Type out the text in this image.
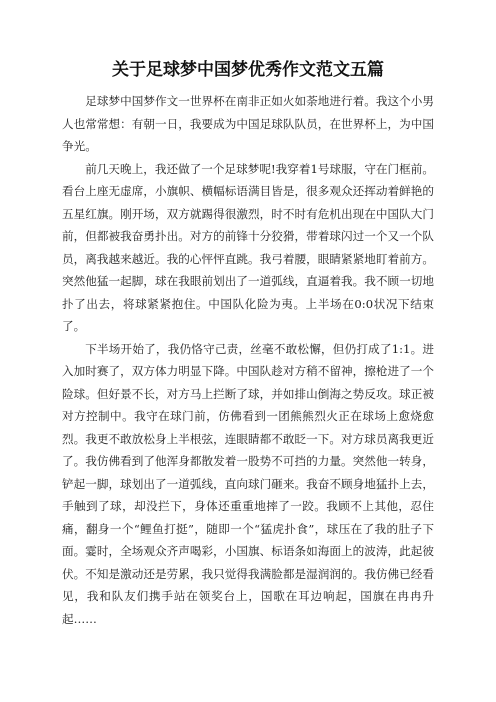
关于足球梦中国梦优秀作文范文五篇

足球梦中国梦作文一世界杯在南非正如火如荼地进行着。我这个小男人也常常想：有朝一日，我要成为中国足球队队员，在世界杯上，为中国争光。

前几天晚上，我还做了一个足球梦呢!我穿着1号球服，守在门框前。看台上座无虚席，小旗帜、横幅标语满目皆是，很多观众还挥动着鲜艳的五星红旗。刚开场，双方就踢得很激烈，时不时有危机出现在中国队大门前，但都被我奋勇扑出。对方的前锋十分狡猾，带着球闪过一个又一个队员，离我越来越近。我的心怦怦直跳。我弓着腰，眼睛紧紧地盯着前方。突然他猛一起脚，球在我眼前划出了一道弧线，直逼着我。我不顾一切地扑了出去，将球紧紧抱住。中国队化险为夷。上半场在0:0状况下结束了。

下半场开始了，我仍恪守己责，丝毫不敢松懈，但仍打成了1:1。进入加时赛了，双方体力明显下降。中国队趁对方稍不留神，擦枪进了一个险球。但好景不长，对方马上拦断了球，并如排山倒海之势反攻。球正被对方控制中。我守在球门前，仿佛看到一团熊熊烈火正在球场上愈烧愈烈。我更不敢放松身上半根弦，连眼睛都不敢眨一下。对方球员离我更近了。我仿佛看到了他浑身都散发着一股势不可挡的力量。突然他一转身，铲起一脚，球划出了一道弧线，直向球门砸来。我奋不顾身地猛扑上去，手触到了球，却没拦下，身体还重重地摔了一跤。我顾不上其他，忍住痛，翻身一个“鲤鱼打挺”，随即一个“猛虎扑食”，球压在了我的肚子下面。霎时，全场观众齐声喝彩，小国旗、标语条如海面上的波涛，此起彼伏。不知是激动还是劳累，我只觉得我满脸都是湿润润的。我仿佛已经看见，我和队友们携手站在领奖台上，国歌在耳边响起，国旗在冉冉升起……
